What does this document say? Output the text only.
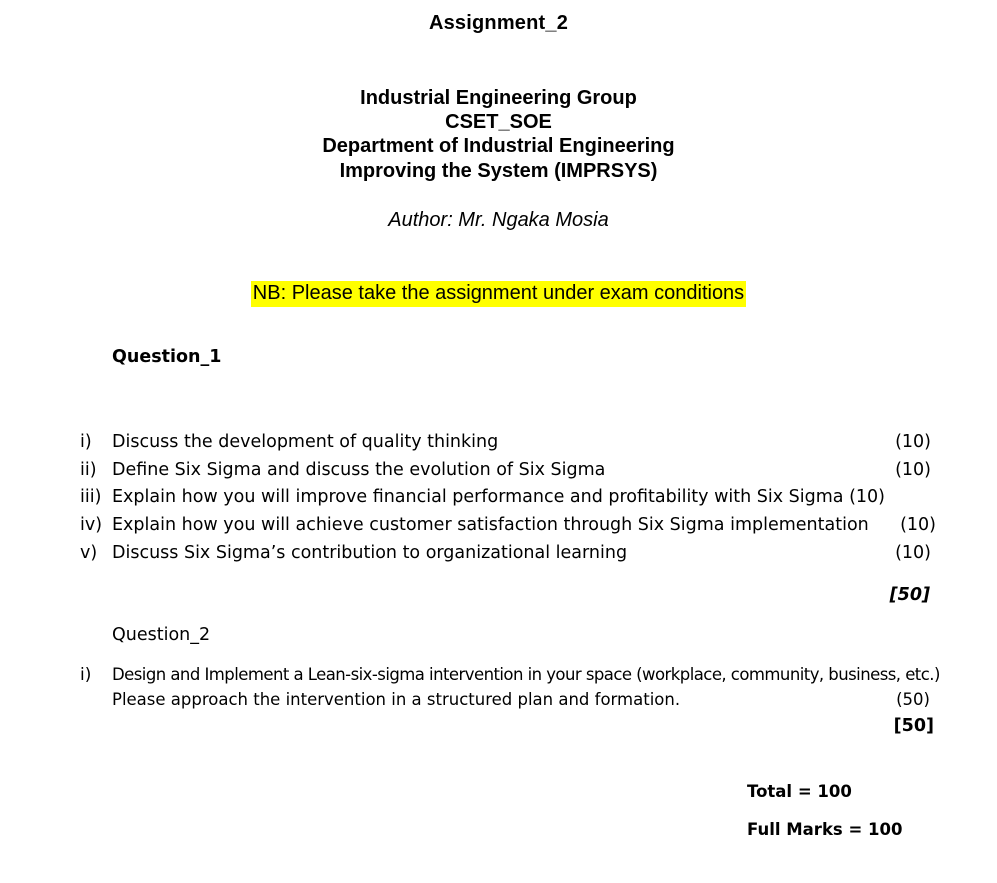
Assignment_2
Industrial Engineering Group
CSET_SOE
Department of Industrial Engineering
Improving the System (IMPRSYS)
Author: Mr. Ngaka Mosia
NB: Please take the assignment under exam conditions
Question_1
i) Discuss the development of quality thinking	(10)
ii) Define Six Sigma and discuss the evolution of Six Sigma	(10)
iii) Explain how you will improve financial performance and profitability with Six Sigma (10)
iv) Explain how you will achieve customer satisfaction through Six Sigma implementation (10)
v) Discuss Six Sigma’s contribution to organizational learning	(10)
[50]
Question_2
i) Design and Implement a Lean-six-sigma intervention in your space (workplace, community, business, etc.)
Please approach the intervention in a structured plan and formation.	(50)
[50]
Total = 100
Full Marks = 100
